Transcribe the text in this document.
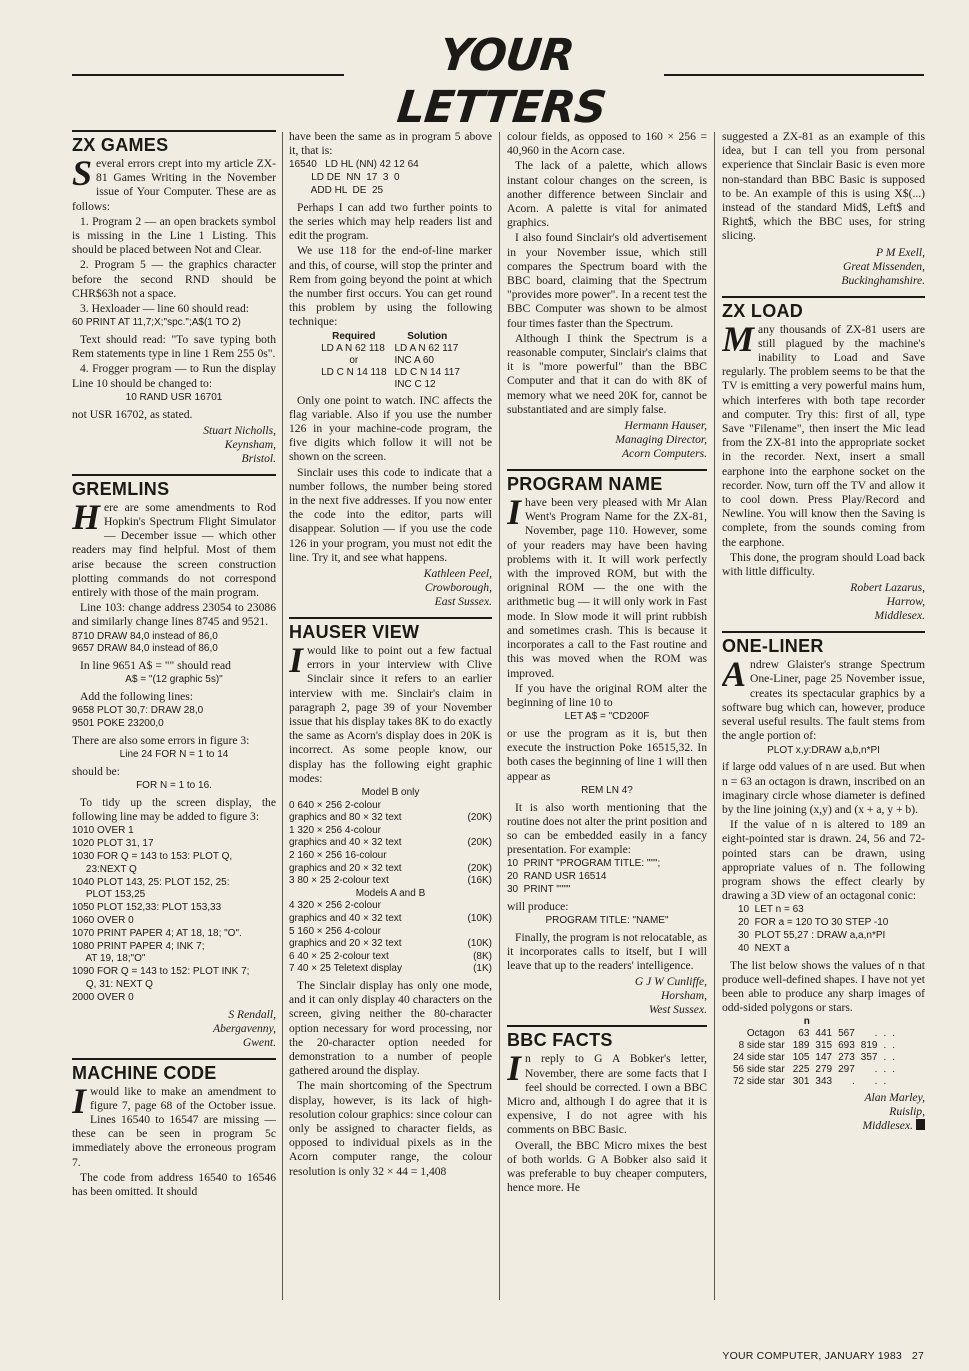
YOUR LETTERS
ZX GAMES

Several errors crept into my article ZX-81 Games Writing in the November issue of Your Computer. These are as follows:

1. Program 2 — an open brackets symbol is missing in the Line 1 Listing. This should be placed between Not and Clear.

2. Program 5 — the graphics character before the second RND should be CHR$63h not a space.

3. Hexloader — line 60 should read:

60 PRINT AT 11,7;X;"spc.";A$(1 TO 2)

Text should read: "To save typing both Rem statements type in line 1 Rem 255 0s".

4. Frogger program — to Run the display Line 10 should be changed to:

10 RAND USR 16701

not USR 16702, as stated.

Stuart Nicholls,
Keynsham,
Bristol.
GREMLINS

Here are some amendments to Rod Hopkin's Spectrum Flight Simulator — December issue — which other readers may find helpful. Most of them arise because the screen construction plotting commands do not correspond entirely with those of the main program.

Line 103: change address 23054 to 23086 and similarly change lines 8745 and 9521.

8710 DRAW 84,0 instead of 86,0
9657 DRAW 84,0 instead of 86,0

In line 9651 A$ = "" should read

A$ = "(12 graphic 5s)"

Add the following lines:

9658 PLOT 30,7: DRAW 28,0
9501 POKE 23200,0

There are also some errors in figure 3:

Line 24 FOR N = 1 to 14

should be:

FOR N = 1 to 16.

To tidy up the screen display, the following line may be added to figure 3:

1010 OVER 1
1020 PLOT 31, 17
1030 FOR Q = 143 to 153: PLOT Q,
23:NEXT Q
1040 PLOT 143, 25: PLOT 152, 25:
PLOT 153,25
1050 PLOT 152,33: PLOT 153,33
1060 OVER 0
1070 PRINT PAPER 4; AT 18, 18; "O".
1080 PRINT PAPER 4; INK 7;
AT 19, 18;"O"
1090 FOR Q = 143 to 152: PLOT INK 7;
Q, 31: NEXT Q
2000 OVER 0
S Rendall,
Abergavenny,
Gwent.
MACHINE CODE

Iwould like to make an amendment to figure 7, page 68 of the October issue. Lines 16540 to 16547 are missing — these can be seen in program 5c immediately above the erroneous program 7.

The code from address 16540 to 16546 has been omitted. It should

have been the same as in program 5 above it, that is:

16540   LD HL (NN) 42 12 64
LD DE  NN  17  3  0
ADD HL  DE  25

Perhaps I can add two further points to the series which may help readers list and edit the program.

We use 118 for the end-of-line marker and this, of course, will stop the printer and Rem from going beyond the point at which the number first occurs. You can get round this problem by using the following technique:

Required	Solution
LD A N 62 118	LD A N 62 117
or	INC A 60
LD C N 14 118	LD C N 14 117
	INC C 12

Only one point to watch. INC affects the flag variable. Also if you use the number 126 in your machine-code program, the five digits which follow it will not be shown on the screen.

Sinclair uses this code to indicate that a number follows, the number being stored in the next five addresses. If you now enter the code into the editor, parts will disappear. Solution — if you use the code 126 in your program, you must not edit the line. Try it, and see what happens.

Kathleen Peel,
Crowborough,
East Sussex.
HAUSER VIEW

Iwould like to point out a few factual errors in your interview with Clive Sinclair since it refers to an earlier interview with me. Sinclair's claim in paragraph 2, page 39 of your November issue that his display takes 8K to do exactly the same as Acorn's display does in 20K is incorrect. As some people know, our display has the following eight graphic modes:

Model B only
0 640 × 256 2-colour
graphics and 80 × 32 text	(20K)
1 320 × 256 4-colour
graphics and 40 × 32 text	(20K)
2 160 × 256 16-colour
graphics and 20 × 32 text	(20K)
3 80 × 25 2-colour text	(16K)
Models A and B
4 320 × 256 2-colour
graphics and 40 × 32 text	(10K)
5 160 × 256 4-colour
graphics and 20 × 32 text	(10K)
6 40 × 25 2-colour text	(8K)
7 40 × 25 Teletext display	(1K)

The Sinclair display has only one mode, and it can only display 40 characters on the screen, giving neither the 80-character option necessary for word processing, nor the 20-character option needed for demonstration to a number of people gathered around the display.

The main shortcoming of the Spectrum display, however, is its lack of high-resolution colour graphics: since colour can only be assigned to character fields, as opposed to individual pixels as in the Acorn computer range, the colour resolution is only 32 × 44 = 1,408

colour fields, as opposed to 160 × 256 = 40,960 in the Acorn case.

The lack of a palette, which allows instant colour changes on the screen, is another difference between Sinclair and Acorn. A palette is vital for animated graphics.

I also found Sinclair's old advertisement in your November issue, which still compares the Spectrum board with the BBC board, claiming that the Spectrum "provides more power". In a recent test the BBC Computer was shown to be almost four times faster than the Spectrum.

Although I think the Spectrum is a reasonable computer, Sinclair's claims that it is "more powerful" than the BBC Computer and that it can do with 8K of memory what we need 20K for, cannot be substantiated and are simply false.

Hermann Hauser,
Managing Director,
Acorn Computers.
PROGRAM NAME

Ihave been very pleased with Mr Alan Went's Program Name for the ZX-81, November, page 110. However, some of your readers may have been having problems with it. It will work perfectly with the improved ROM, but with the origninal ROM — the one with the arithmetic bug — it will only work in Fast mode. In Slow mode it will print rubbish and sometimes crash. This is because it incorporates a call to the Fast routine and this was moved when the ROM was improved.

If you have the original ROM alter the beginning of line 10 to

LET A$ = "CD200F

or use the program as it is, but then execute the instruction Poke 16515,32. In both cases the beginning of line 1 will then appear as

REM LN 4?

It is also worth mentioning that the routine does not alter the print position and so can be embedded easily in a fancy presentation. For example:

10  PRINT "PROGRAM TITLE: """;
20  RAND USR 16514
30  PRINT """"

will produce:

PROGRAM TITLE: "NAME"

Finally, the program is not relocatable, as it incorporates calls to itself, but I will leave that up to the readers' intelligence.

G J W Cunliffe,
Horsham,
West Sussex.
BBC FACTS

In reply to G A Bobker's letter, November, there are some facts that I feel should be corrected. I own a BBC Micro and, although I do agree that it is expensive, I do not agree with his comments on BBC Basic.

Overall, the BBC Micro mixes the best of both worlds. G A Bobker also said it was preferable to buy cheaper computers, hence more. He

suggested a ZX-81 as an example of this idea, but I can tell you from personal experience that Sinclair Basic is even more non-standard than BBC Basic is supposed to be. An example of this is using X$(...) instead of the standard Mid$, Left$ and Right$, which the BBC uses, for string slicing.

P M Exell,
Great Missenden,
Buckinghamshire.
ZX LOAD

Many thousands of ZX-81 users are still plagued by the machine's inability to Load and Save regularly. The problem seems to be that the TV is emitting a very powerful mains hum, which interferes with both tape recorder and computer. Try this: first of all, type Save "Filename", then insert the Mic lead from the ZX-81 into the appropriate socket in the recorder. Next, insert a small earphone into the earphone socket on the recorder. Now, turn off the TV and allow it to cool down. Press Play/Record and Newline. You will know then the Saving is complete, from the sounds coming from the earphone.

This done, the program should Load back with little difficulty.

Robert Lazarus,
Harrow,
Middlesex.
ONE-LINER

Andrew Glaister's strange Spectrum One-Liner, page 25 November issue, creates its spectacular graphics by a software bug which can, however, produce several useful results. The fault stems from the angle portion of:

PLOT x,y:DRAW a,b,n*PI

if large odd values of n are used. But when n = 63 an octagon is drawn, inscribed on an imaginary circle whose diameter is defined by the line joining (x,y) and (x + a, y + b).

If the value of n is altered to 189 an eight-pointed star is drawn. 24, 56 and 72-pointed stars can be drawn, using appropriate values of n. The following program shows the effect clearly by drawing a 3D view of an octagonal conic:

10  LET n = 63
20  FOR a = 120 TO 30 STEP -10
30  PLOT 55,27 : DRAW a,a,n*PI
40  NEXT a

The list below shows the values of n that produce well-defined shapes. I have not yet been able to produce any sharp images of odd-sided polygons or stars.

	n					
Octagon	63	441	567	.	.	.
8 side star	189	315	693	819	.	.
24 side star	105	147	273	357	.	.
56 side star	225	279	297	.	.	.
72 side star	301	343	.	.	.	
Alan Marley,
Ruislip,
Middlesex.
YOUR COMPUTER, JANUARY 1983 27
